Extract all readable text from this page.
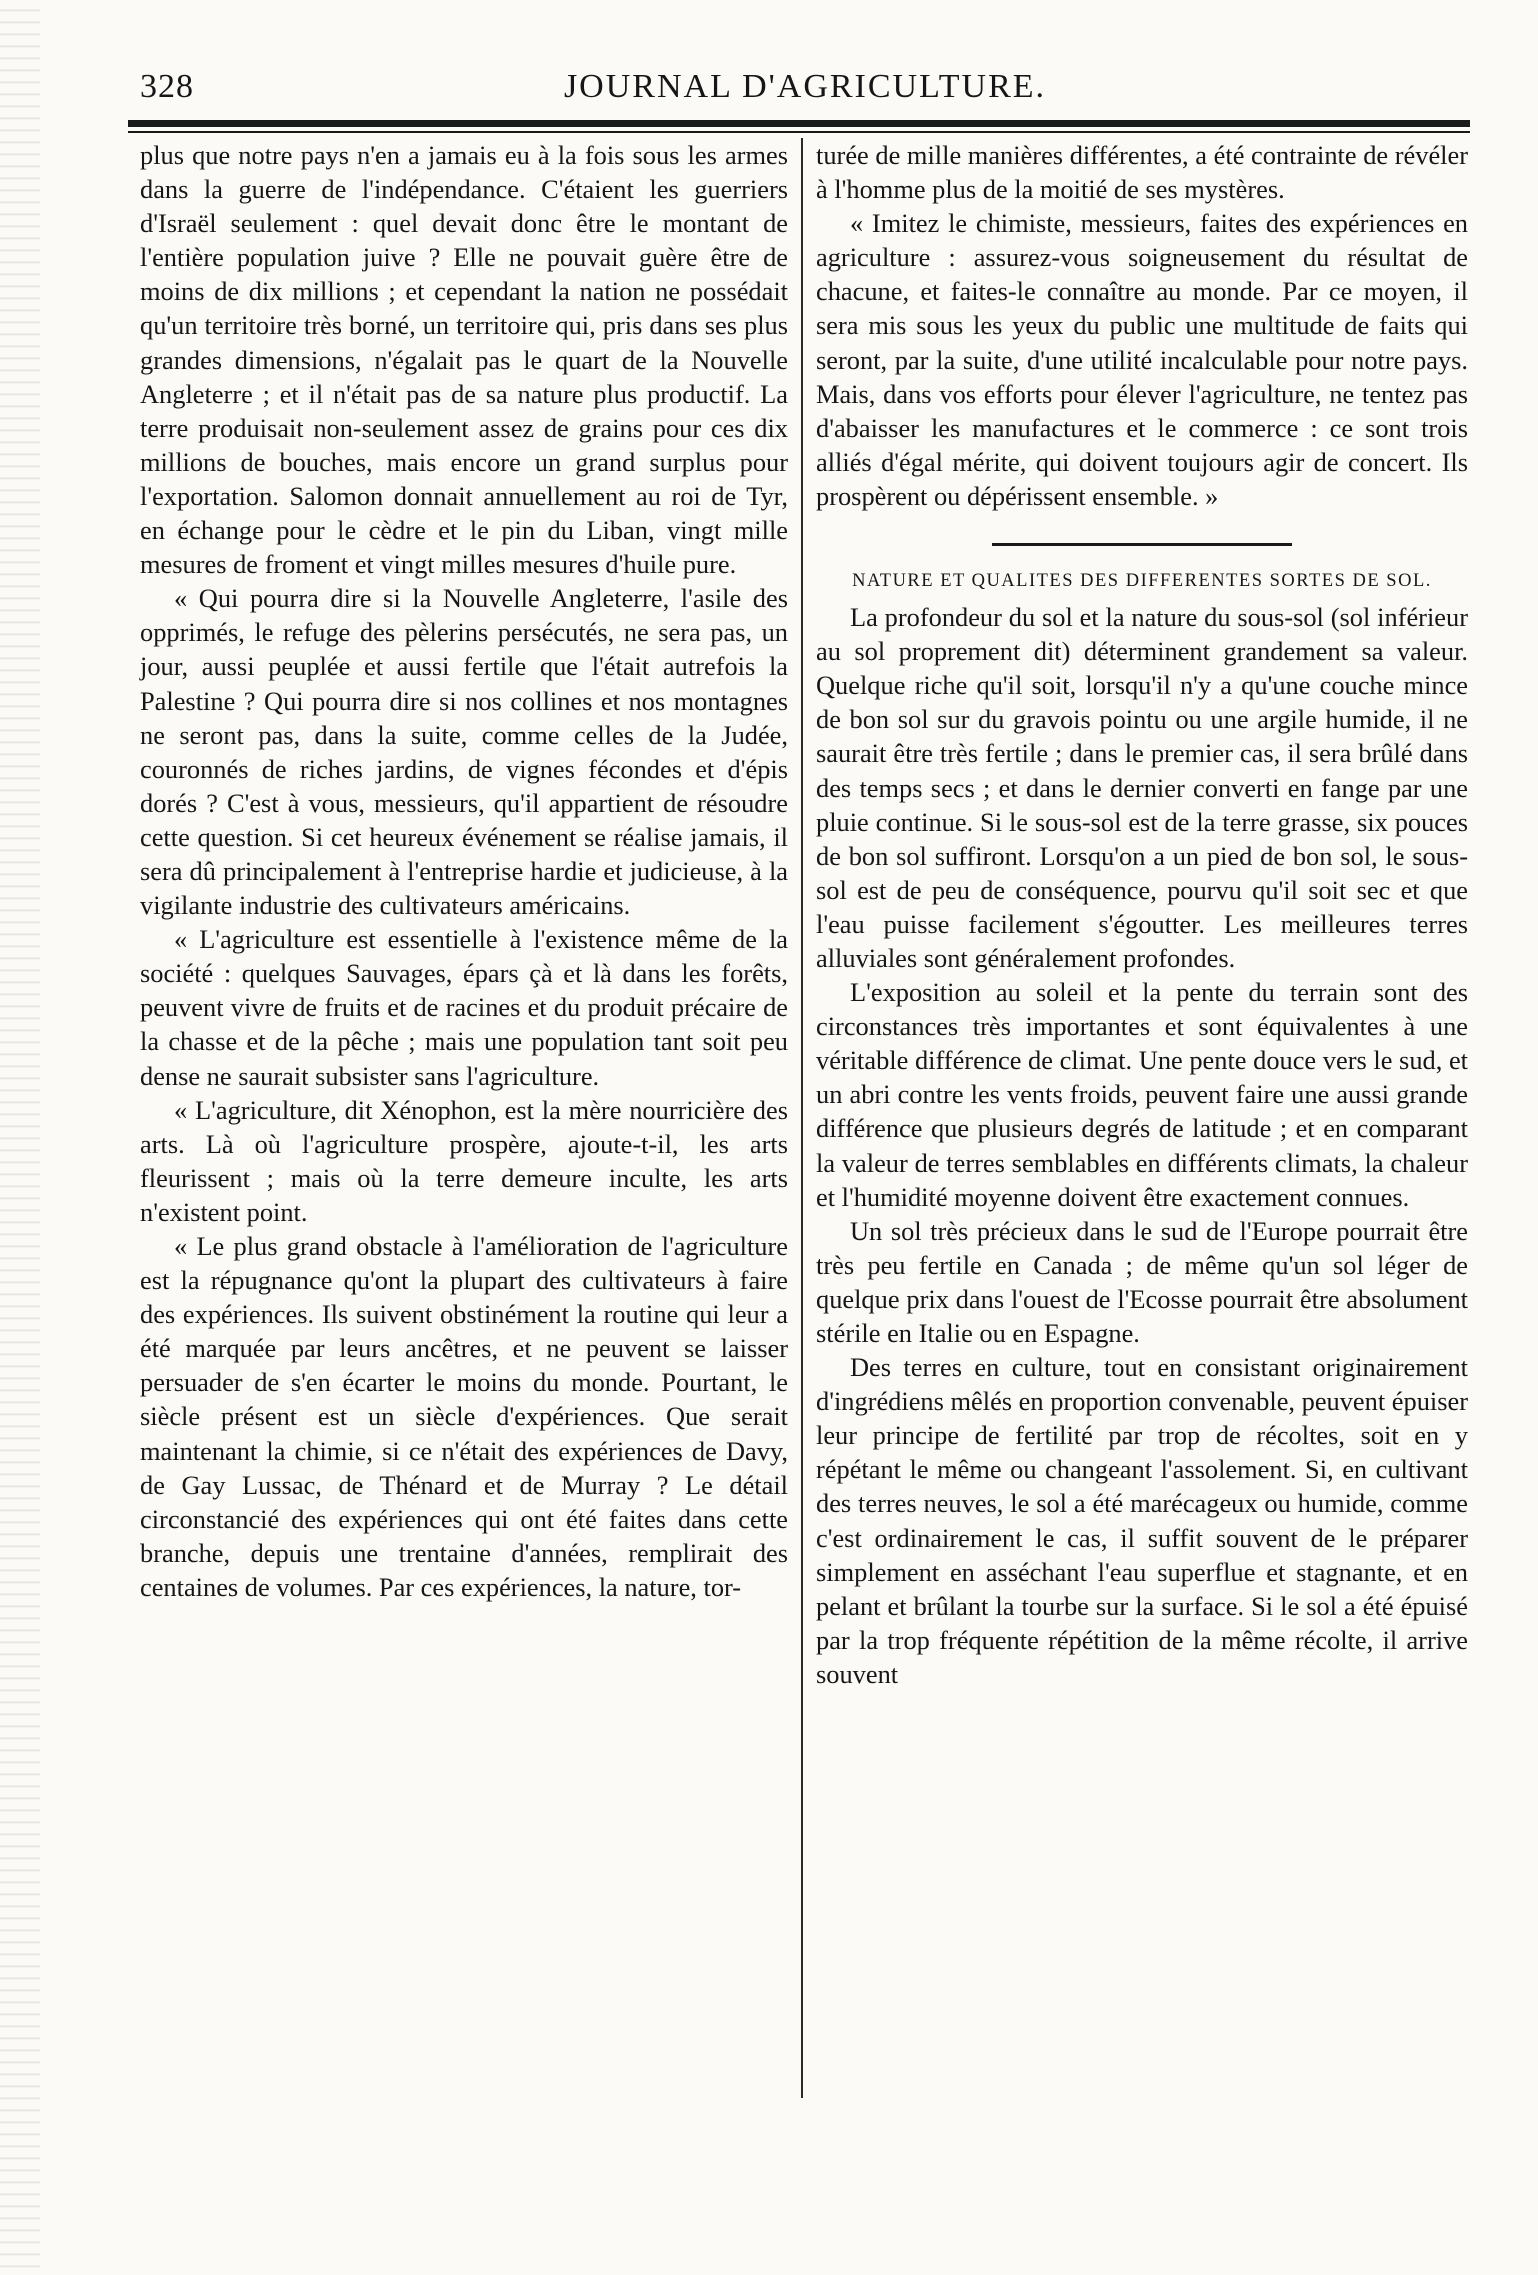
328	JOURNAL D'AGRICULTURE.

plus que notre pays n'en a jamais eu à la fois sous les armes dans la guerre de l'indépendance. C'étaient les guerriers d'Israël seulement : quel devait donc être le montant de l'entière population juive ? Elle ne pouvait guère être de moins de dix millions ; et cependant la nation ne possédait qu'un territoire très borné, un territoire qui, pris dans ses plus grandes dimensions, n'égalait pas le quart de la Nouvelle Angleterre ; et il n'était pas de sa nature plus productif. La terre produisait non-seulement assez de grains pour ces dix millions de bouches, mais encore un grand surplus pour l'exportation. Salomon donnait annuellement au roi de Tyr, en échange pour le cèdre et le pin du Liban, vingt mille mesures de froment et vingt milles mesures d'huile pure.

« Qui pourra dire si la Nouvelle Angleterre, l'asile des opprimés, le refuge des pèlerins persécutés, ne sera pas, un jour, aussi peuplée et aussi fertile que l'était autrefois la Palestine ? Qui pourra dire si nos collines et nos montagnes ne seront pas, dans la suite, comme celles de la Judée, couronnés de riches jardins, de vignes fécondes et d'épis dorés ? C'est à vous, messieurs, qu'il appartient de résoudre cette question. Si cet heureux événement se réalise jamais, il sera dû principalement à l'entreprise hardie et judicieuse, à la vigilante industrie des cultivateurs américains.

« L'agriculture est essentielle à l'existence même de la société : quelques Sauvages, épars çà et là dans les forêts, peuvent vivre de fruits et de racines et du produit précaire de la chasse et de la pêche ; mais une population tant soit peu dense ne saurait subsister sans l'agriculture.

« L'agriculture, dit Xénophon, est la mère nourricière des arts. Là où l'agriculture prospère, ajoute-t-il, les arts fleurissent ; mais où la terre demeure inculte, les arts n'existent point.

« Le plus grand obstacle à l'amélioration de l'agriculture est la répugnance qu'ont la plupart des cultivateurs à faire des expériences. Ils suivent obstinément la routine qui leur a été marquée par leurs ancêtres, et ne peuvent se laisser persuader de s'en écarter le moins du monde. Pourtant, le siècle présent est un siècle d'expériences. Que serait maintenant la chimie, si ce n'était des expériences de Davy, de Gay Lussac, de Thénard et de Murray ? Le détail circonstancié des expériences qui ont été faites dans cette branche, depuis une trentaine d'années, remplirait des centaines de volumes. Par ces expériences, la nature, tor-

turée de mille manières différentes, a été contrainte de révéler à l'homme plus de la moitié de ses mystères.

« Imitez le chimiste, messieurs, faites des expériences en agriculture : assurez-vous soigneusement du résultat de chacune, et faites-le connaître au monde. Par ce moyen, il sera mis sous les yeux du public une multitude de faits qui seront, par la suite, d'une utilité incalculable pour notre pays. Mais, dans vos efforts pour élever l'agriculture, ne tentez pas d'abaisser les manufactures et le commerce : ce sont trois alliés d'égal mérite, qui doivent toujours agir de concert. Ils prospèrent ou dépérissent ensemble. »

NATURE ET QUALITES DES DIFFERENTES SORTES DE SOL.

La profondeur du sol et la nature du sous-sol (sol inférieur au sol proprement dit) déterminent grandement sa valeur. Quelque riche qu'il soit, lorsqu'il n'y a qu'une couche mince de bon sol sur du gravois pointu ou une argile humide, il ne saurait être très fertile ; dans le premier cas, il sera brûlé dans des temps secs ; et dans le dernier converti en fange par une pluie continue. Si le sous-sol est de la terre grasse, six pouces de bon sol suffiront. Lorsqu'on a un pied de bon sol, le sous-sol est de peu de conséquence, pourvu qu'il soit sec et que l'eau puisse facilement s'égoutter. Les meilleures terres alluviales sont généralement profondes.

L'exposition au soleil et la pente du terrain sont des circonstances très importantes et sont équivalentes à une véritable différence de climat. Une pente douce vers le sud, et un abri contre les vents froids, peuvent faire une aussi grande différence que plusieurs degrés de latitude ; et en comparant la valeur de terres semblables en différents climats, la chaleur et l'humidité moyenne doivent être exactement connues.

Un sol très précieux dans le sud de l'Europe pourrait être très peu fertile en Canada ; de même qu'un sol léger de quelque prix dans l'ouest de l'Ecosse pourrait être absolument stérile en Italie ou en Espagne.

Des terres en culture, tout en consistant originairement d'ingrédiens mêlés en proportion convenable, peuvent épuiser leur principe de fertilité par trop de récoltes, soit en y répétant le même ou changeant l'assolement. Si, en cultivant des terres neuves, le sol a été marécageux ou humide, comme c'est ordinairement le cas, il suffit souvent de le préparer simplement en asséchant l'eau superflue et stagnante, et en pelant et brûlant la tourbe sur la surface. Si le sol a été épuisé par la trop fréquente répétition de la même récolte, il arrive souvent
